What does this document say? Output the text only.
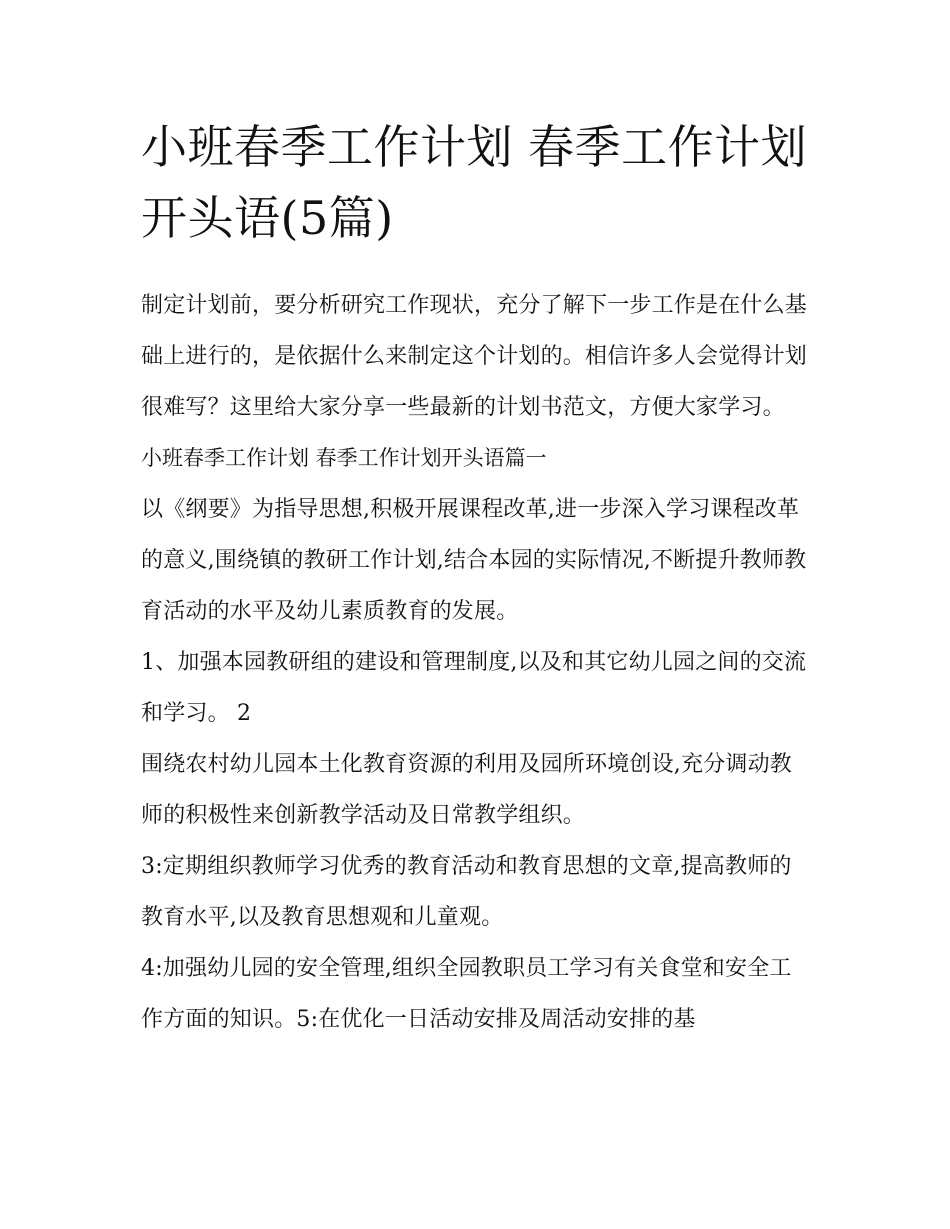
小班春季工作计划 春季工作计划开头语(5篇)

制定计划前，要分析研究工作现状，充分了解下一步工作是在什么基础上进行的，是依据什么来制定这个计划的。相信许多人会觉得计划很难写？这里给大家分享一些最新的计划书范文，方便大家学习。

小班春季工作计划 春季工作计划开头语篇一

以《纲要》为指导思想,积极开展课程改革,进一步深入学习课程改革的意义,围绕镇的教研工作计划,结合本园的实际情况,不断提升教师教育活动的水平及幼儿素质教育的发展。

1、加强本园教研组的建设和管理制度,以及和其它幼儿园之间的交流和学习。 2

围绕农村幼儿园本土化教育资源的利用及园所环境创设,充分调动教师的积极性来创新教学活动及日常教学组织。

3:定期组织教师学习优秀的教育活动和教育思想的文章,提高教师的教育水平,以及教育思想观和儿童观。

4:加强幼儿园的安全管理,组织全园教职员工学习有关食堂和安全工作方面的知识。5:在优化一日活动安排及周活动安排的基
